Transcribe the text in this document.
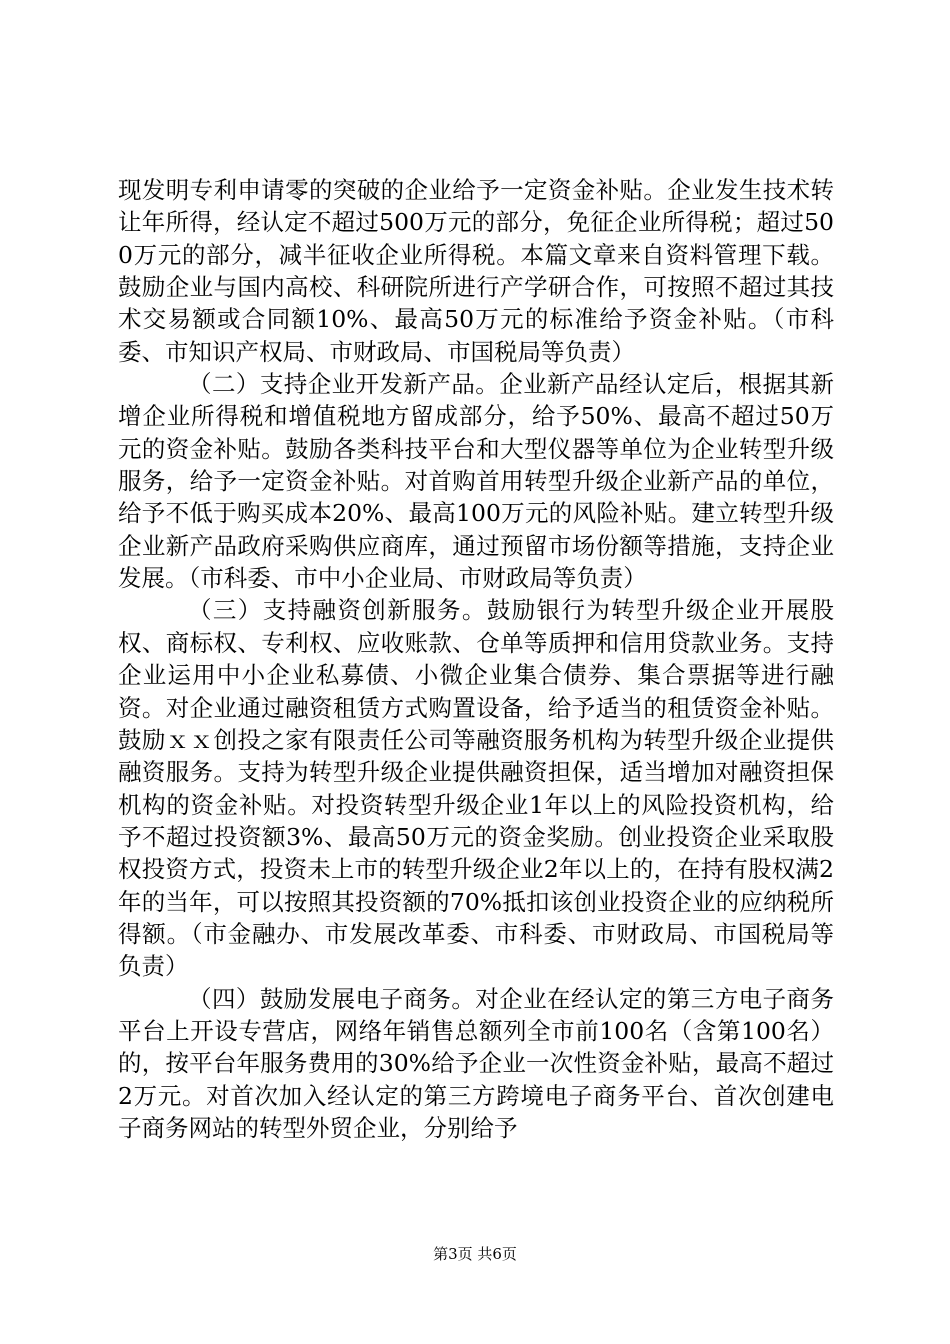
现发明专利申请零的突破的企业给予一定资金补贴。企业发生技术转让年所得，经认定不超过500万元的部分，免征企业所得税；超过500万元的部分，减半征收企业所得税。本篇文章来自资料管理下载。鼓励企业与国内高校、科研院所进行产学研合作，可按照不超过其技术交易额或合同额10%、最高50万元的标准给予资金补贴。（市科委、市知识产权局、市财政局、市国税局等负责）

（二）支持企业开发新产品。企业新产品经认定后，根据其新增企业所得税和增值税地方留成部分，给予50%、最高不超过50万元的资金补贴。鼓励各类科技平台和大型仪器等单位为企业转型升级服务，给予一定资金补贴。对首购首用转型升级企业新产品的单位，给予不低于购买成本20%、最高100万元的风险补贴。建立转型升级企业新产品政府采购供应商库，通过预留市场份额等措施，支持企业发展。（市科委、市中小企业局、市财政局等负责）

（三）支持融资创新服务。鼓励银行为转型升级企业开展股权、商标权、专利权、应收账款、仓单等质押和信用贷款业务。支持企业运用中小企业私募债、小微企业集合债券、集合票据等进行融资。对企业通过融资租赁方式购置设备，给予适当的租赁资金补贴。鼓励ｘｘ创投之家有限责任公司等融资服务机构为转型升级企业提供融资服务。支持为转型升级企业提供融资担保，适当增加对融资担保机构的资金补贴。对投资转型升级企业1年以上的风险投资机构，给予不超过投资额3%、最高50万元的资金奖励。创业投资企业采取股权投资方式，投资未上市的转型升级企业2年以上的，在持有股权满2年的当年，可以按照其投资额的70%抵扣该创业投资企业的应纳税所得额。（市金融办、市发展改革委、市科委、市财政局、市国税局等负责）

（四）鼓励发展电子商务。对企业在经认定的第三方电子商务平台上开设专营店，网络年销售总额列全市前100名（含第100名）的，按平台年服务费用的30%给予企业一次性资金补贴，最高不超过2万元。对首次加入经认定的第三方跨境电子商务平台、首次创建电子商务网站的转型外贸企业，分别给予

第3页 共6页
